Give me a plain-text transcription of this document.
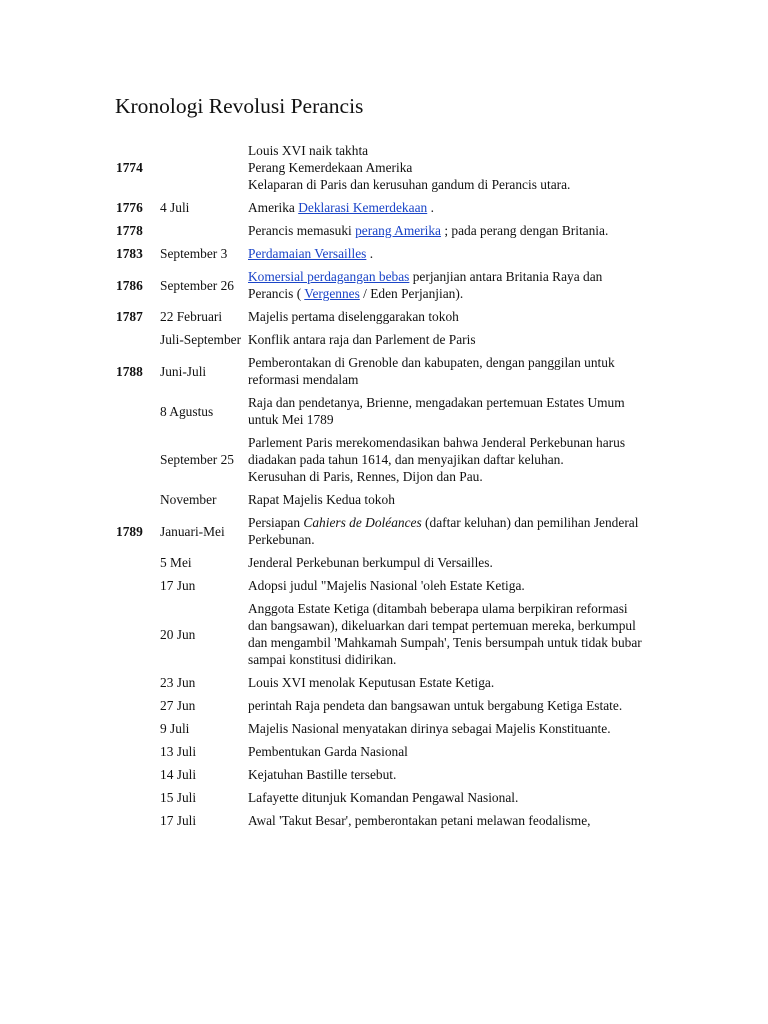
Kronologi Revolusi Perancis
1774		Louis XVI naik takhta
Perang Kemerdekaan Amerika
Kelaparan di Paris dan kerusuhan gandum di Perancis utara.

1776	4 Juli	Amerika Deklarasi Kemerdekaan .

1778		Perancis memasuki perang Amerika ; pada perang dengan Britania.

1783	September 3	Perdamaian Versailles .

1786	September 26	Komersial perdagangan bebas perjanjian antara Britania Raya dan Perancis ( Vergennes / Eden Perjanjian).

1787	22 Februari	Majelis pertama diselenggarakan tokoh

	Juli-September	Konflik antara raja dan Parlement de Paris

1788	Juni-Juli	Pemberontakan di Grenoble dan kabupaten, dengan panggilan untuk reformasi mendalam

	8 Agustus	Raja dan pendetanya, Brienne, mengadakan pertemuan Estates Umum untuk Mei 1789

	September 25	Parlement Paris merekomendasikan bahwa Jenderal Perkebunan harus diadakan pada tahun 1614, dan menyajikan daftar keluhan.
Kerusuhan di Paris, Rennes, Dijon dan Pau.

	November	Rapat Majelis Kedua tokoh

1789	Januari-Mei	Persiapan Cahiers de Doléances (daftar keluhan) dan pemilihan Jenderal Perkebunan.

	5 Mei	Jenderal Perkebunan berkumpul di Versailles.

	17 Jun	Adopsi judul "Majelis Nasional 'oleh Estate Ketiga.

	20 Jun	Anggota Estate Ketiga (ditambah beberapa ulama berpikiran reformasi dan bangsawan), dikeluarkan dari tempat pertemuan mereka, berkumpul dan mengambil 'Mahkamah Sumpah', Tenis bersumpah untuk tidak bubar sampai konstitusi didirikan.

	23 Jun	Louis XVI menolak Keputusan Estate Ketiga.

	27 Jun	perintah Raja pendeta dan bangsawan untuk bergabung Ketiga Estate.

	9 Juli	Majelis Nasional menyatakan dirinya sebagai Majelis Konstituante.

	13 Juli	Pembentukan Garda Nasional

	14 Juli	Kejatuhan Bastille tersebut.

	15 Juli	Lafayette ditunjuk Komandan Pengawal Nasional.

	17 Juli	Awal 'Takut Besar', pemberontakan petani melawan feodalisme,
